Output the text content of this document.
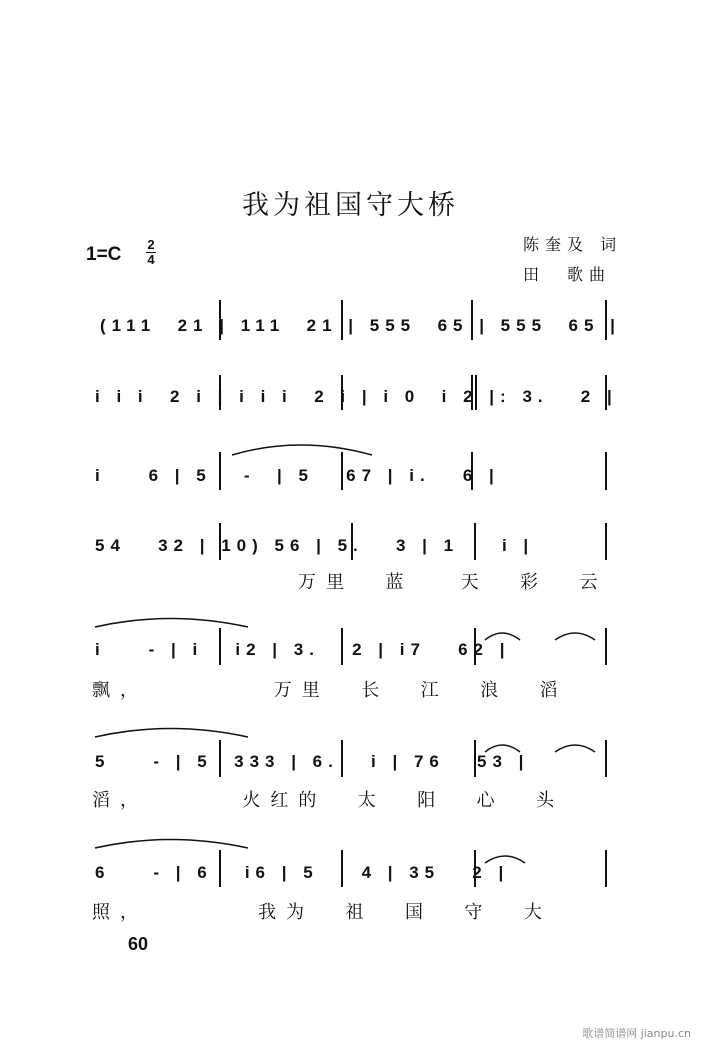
我为祖国守大桥
陈奎及 词
田　歌曲
1=C 2
4
(111  21 | 111  21 | 555  65 | 555  65 |
i i i  2 i | i i i  2 i | i 0  i 2 |: 3.   2 |
i    6 | 5   -  | 5   67 | i.   6 |
54   32 | 10) 56 | 5.   3 | 1    i |
万里  蓝   天  彩  云
i    - | i   i2 | 3.   2 | i7   62 |
飘，        万里  长  江  浪  滔
5    - | 5  333 | 6.   i | 76   53 |
滔，      火红的  太  阳  心  头
6    - | 6   i6 | 5    4 | 35   2 |
照，       我为  祖  国  守  大
60
歌谱简谱网 jianpu.cn
